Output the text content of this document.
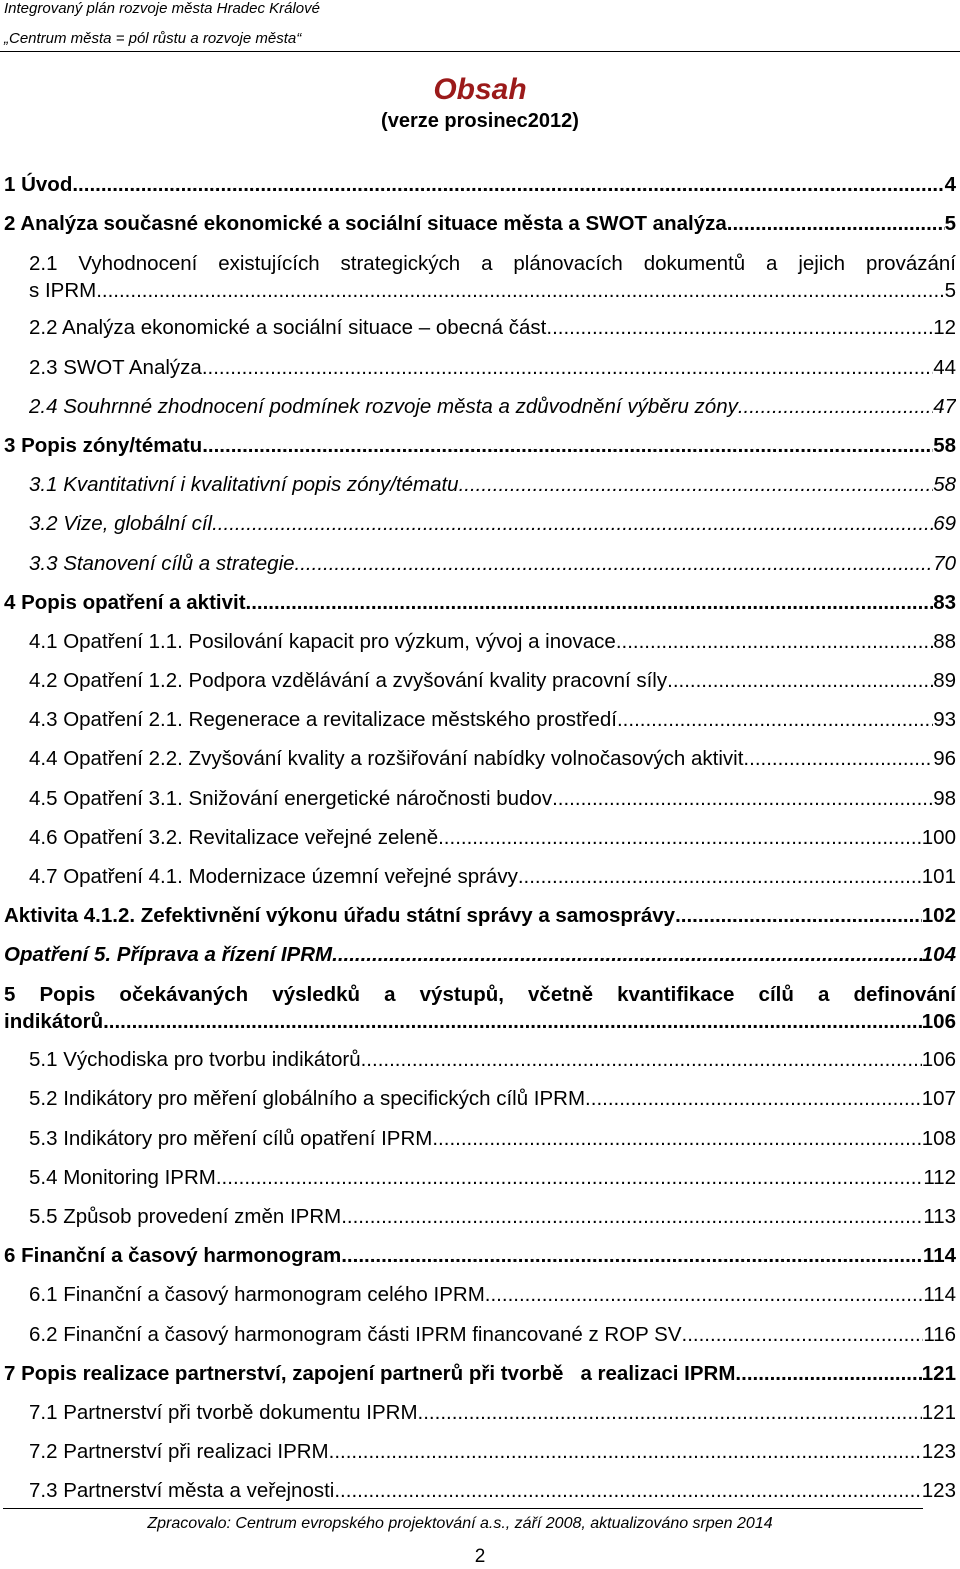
Integrovaný plán rozvoje města Hradec Králové
„Centrum města = pól růstu a rozvoje města“
Obsah
(verze prosinec2012)
1 Úvod .....	4
2 Analýza současné ekonomické a sociální situace města a SWOT analýza .....	5
2.1 Vyhodnocení existujících strategických a plánovacích dokumentů a jejich provázání
s IPRM .....	5
2.2 Analýza ekonomické a sociální situace – obecná část .....	12
2.3 SWOT Analýza .....	44
2.4 Souhrnné zhodnocení podmínek rozvoje města a zdůvodnění výběru zóny .....	47
3 Popis zóny/tématu .....	58
3.1 Kvantitativní i kvalitativní popis zóny/tématu .....	58
3.2 Vize, globální cíl .....	69
3.3 Stanovení cílů a strategie .....	70
4 Popis opatření a aktivit .....	83
4.1 Opatření 1.1. Posilování kapacit pro výzkum, vývoj a inovace .....	88
4.2 Opatření 1.2. Podpora vzdělávání a zvyšování kvality pracovní síly .....	89
4.3 Opatření 2.1. Regenerace a revitalizace městského prostředí .....	93
4.4 Opatření 2.2. Zvyšování kvality a rozšiřování nabídky volnočasových aktivit .....	96
4.5 Opatření 3.1. Snižování energetické náročnosti budov .....	98
4.6 Opatření 3.2. Revitalizace veřejné zeleně .....	100
4.7 Opatření 4.1. Modernizace územní veřejné správy .....	101
Aktivita 4.1.2. Zefektivnění výkonu úřadu státní správy a samosprávy .....	102
Opatření 5. Příprava a řízení IPRM .....	104
5 Popis očekávaných výsledků a výstupů, včetně kvantifikace cílů a definování
indikátorů .....	106
5.1 Východiska pro tvorbu indikátorů .....	106
5.2 Indikátory pro měření globálního a specifických cílů IPRM .....	107
5.3 Indikátory pro měření cílů opatření IPRM .....	108
5.4 Monitoring IPRM .....	112
5.5 Způsob provedení změn IPRM .....	113
6 Finanční a časový harmonogram .....	114
6.1 Finanční a časový harmonogram celého IPRM .....	114
6.2 Finanční a časový harmonogram části IPRM financované z ROP SV .....	116
7 Popis realizace partnerství, zapojení partnerů při tvorbě   a realizaci IPRM .....	121
7.1 Partnerství při tvorbě dokumentu IPRM .....	121
7.2 Partnerství při realizaci IPRM .....	123
7.3 Partnerství města a veřejnosti .....	123
Zpracovalo: Centrum evropského projektování a.s., září 2008, aktualizováno srpen 2014
2
